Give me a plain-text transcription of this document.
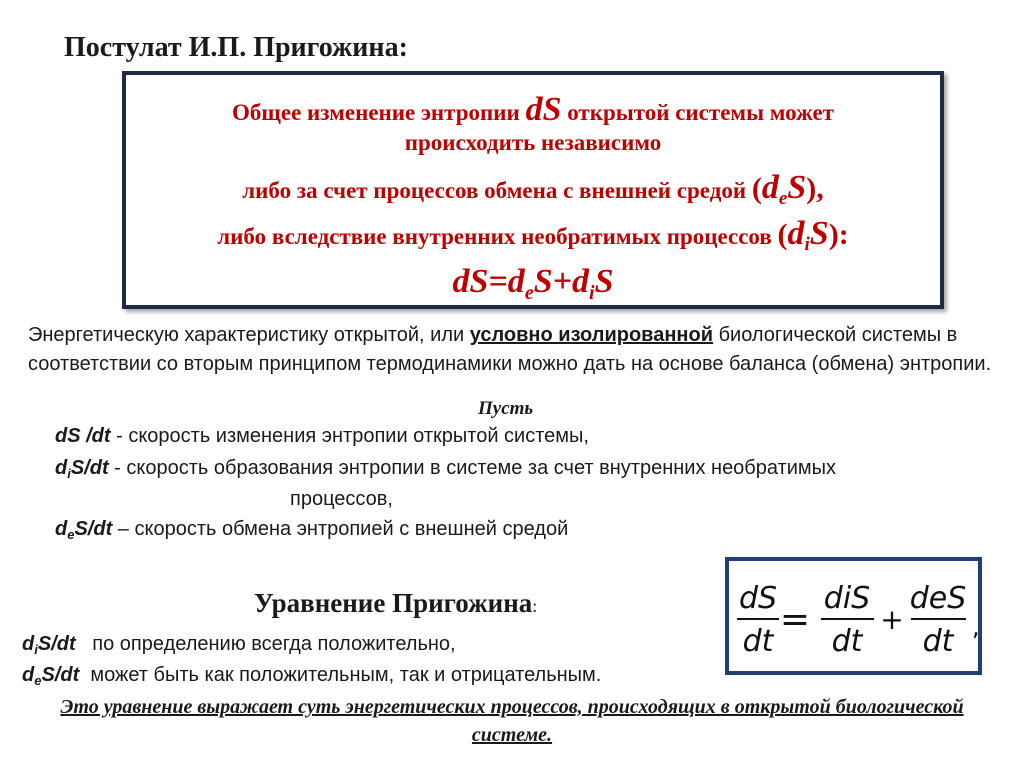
Постулат И.П. Пригожина:
Общее изменение энтропии dS открытой системы может
происходить независимо
либо за счет процессов обмена с внешней средой $(d_eS)$,
либо вследствие внутренних необратимых процессов $(d_iS)$:
$dS=d_eS+d_iS$
Энергетическую характеристику открытой, или условно изолированной биологической системы в соответствии со вторым принципом термодинамики можно дать на основе баланса (обмена) энтропии.
Пусть
dS /dt - скорость изменения энтропии открытой системы,
$d_iS/dt$ - скорость образования энтропии в системе за счет внутренних необратимых
процессов,
$d_eS/dt$ – скорость обмена энтропией с внешней средой
Уравнение Пригожина:	dS
dt
=
diS
dt
+
deS
dt ,
$d_iS/dt$   по определению всегда положительно,
$d_eS/dt$  может быть как положительным, так и отрицательным.
Это уравнение выражает суть энергетических процессов, происходящих в открытой биологической системе.
